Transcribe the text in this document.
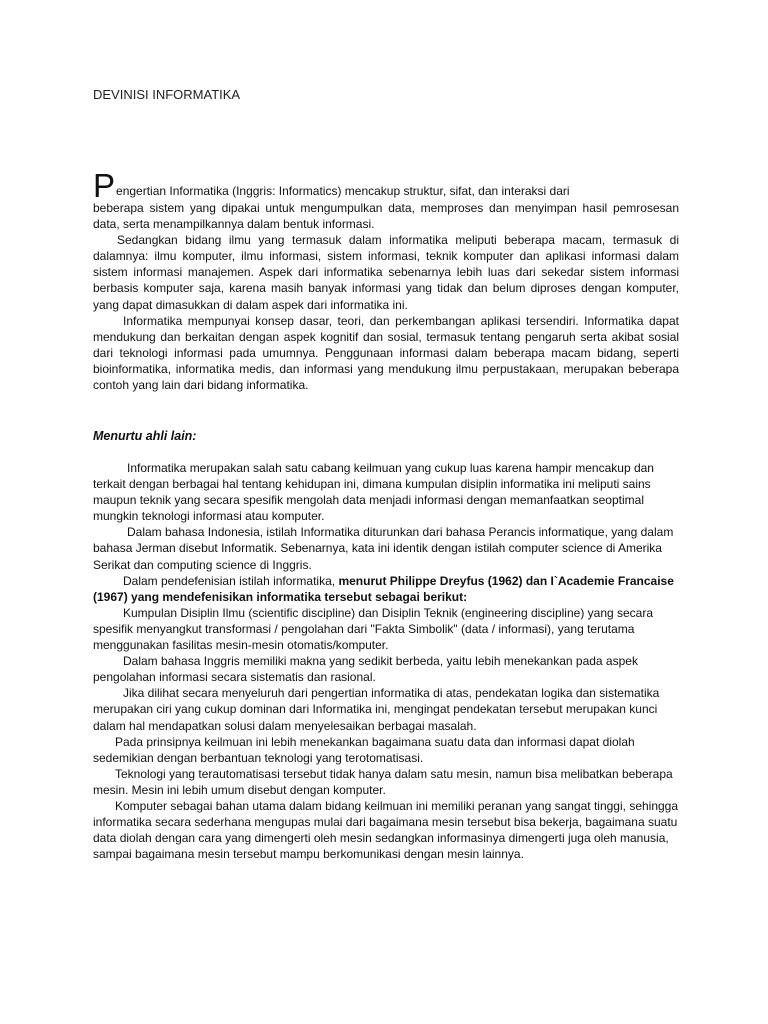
DEVINISI INFORMATIKA

Pengertian Informatika (Inggris: Informatics) mencakup struktur, sifat, dan interaksi dari

beberapa sistem yang dipakai untuk mengumpulkan data, memproses dan menyimpan hasil pemrosesan data, serta menampilkannya dalam bentuk informasi.

Sedangkan bidang ilmu yang termasuk dalam informatika meliputi beberapa macam, termasuk di dalamnya: ilmu komputer, ilmu informasi, sistem informasi, teknik komputer dan aplikasi informasi dalam sistem informasi manajemen. Aspek dari informatika sebenarnya lebih luas dari sekedar sistem informasi berbasis komputer saja, karena masih banyak informasi yang tidak dan belum diproses dengan komputer, yang dapat dimasukkan di dalam aspek dari informatika ini.

Informatika mempunyai konsep dasar, teori, dan perkembangan aplikasi tersendiri. Informatika dapat mendukung dan berkaitan dengan aspek kognitif dan sosial, termasuk tentang pengaruh serta akibat sosial dari teknologi informasi pada umumnya. Penggunaan informasi dalam beberapa macam bidang, seperti bioinformatika, informatika medis, dan informasi yang mendukung ilmu perpustakaan, merupakan beberapa contoh yang lain dari bidang informatika.

Menurtu ahli lain:

Informatika merupakan salah satu cabang keilmuan yang cukup luas karena hampir mencakup dan terkait dengan berbagai hal tentang kehidupan ini, dimana kumpulan disiplin informatika ini meliputi sains maupun teknik yang secara spesifik mengolah data menjadi informasi dengan memanfaatkan seoptimal mungkin teknologi informasi atau komputer.

Dalam bahasa Indonesia, istilah Informatika diturunkan dari bahasa Perancis informatique, yang dalam bahasa Jerman disebut Informatik. Sebenarnya, kata ini identik dengan istilah computer science di Amerika Serikat dan computing science di Inggris.

Dalam pendefenisian istilah informatika, menurut Philippe Dreyfus (1962) dan I`Academie Francaise (1967) yang mendefenisikan informatika tersebut sebagai berikut:

Kumpulan Disiplin Ilmu (scientific discipline) dan Disiplin Teknik (engineering discipline) yang secara spesifik menyangkut transformasi / pengolahan dari "Fakta Simbolik" (data / informasi), yang terutama menggunakan fasilitas mesin-mesin otomatis/komputer.

Dalam bahasa Inggris memiliki makna yang sedikit berbeda, yaitu lebih menekankan pada aspek pengolahan informasi secara sistematis dan rasional.

Jika dilihat secara menyeluruh dari pengertian informatika di atas, pendekatan logika dan sistematika merupakan ciri yang cukup dominan dari Informatika ini, mengingat pendekatan tersebut merupakan kunci dalam hal mendapatkan solusi dalam menyelesaikan berbagai masalah.

Pada prinsipnya keilmuan ini lebih menekankan bagaimana suatu data dan informasi dapat diolah sedemikian dengan berbantuan teknologi yang terotomatisasi.

Teknologi yang terautomatisasi tersebut tidak hanya dalam satu mesin, namun bisa melibatkan beberapa mesin. Mesin ini lebih umum disebut dengan komputer.

Komputer sebagai bahan utama dalam bidang keilmuan ini memiliki peranan yang sangat tinggi, sehingga informatika secara sederhana mengupas mulai dari bagaimana mesin tersebut bisa bekerja, bagaimana suatu data diolah dengan cara yang dimengerti oleh mesin sedangkan informasinya dimengerti juga oleh manusia, sampai bagaimana mesin tersebut mampu berkomunikasi dengan mesin lainnya.
